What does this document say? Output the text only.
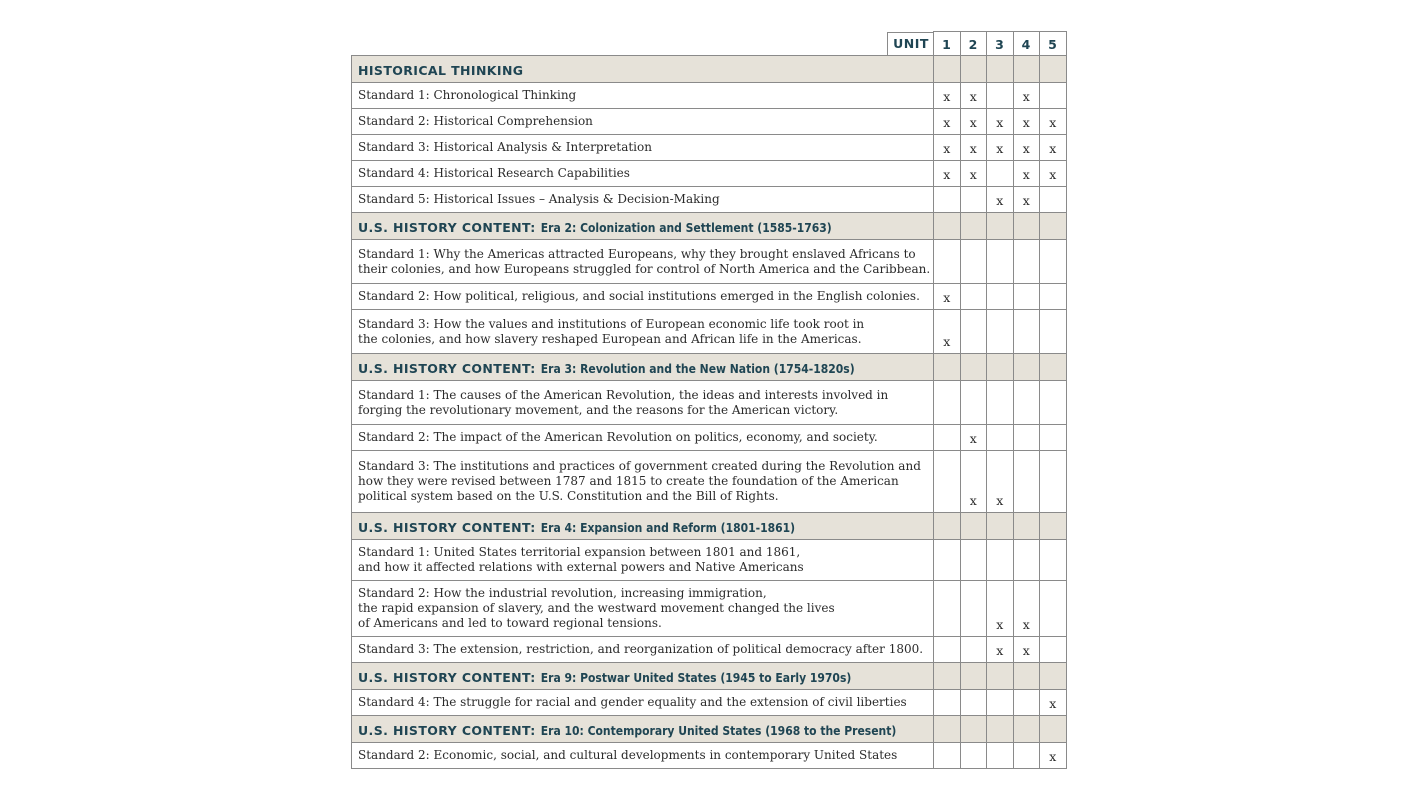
UNIT	1	2	3	4	5
HISTORICAL THINKING					

Standard 1: Chronological Thinking	x	x		x	

Standard 2: Historical Comprehension	x	x	x	x	x

Standard 3: Historical Analysis & Interpretation	x	x	x	x	x

Standard 4: Historical Research Capabilities	x	x		x	x

Standard 5: Historical Issues – Analysis & Decision-Making			x	x	
U.S. HISTORY CONTENT: Era 2: Colonization and Settlement (1585-1763)					

Standard 1: Why the Americas attracted Europeans, why they brought enslaved Africans to
their colonies, and how Europeans struggled for control of North America and the Caribbean.					

Standard 2: How political, religious, and social institutions emerged in the English colonies.	x				

Standard 3: How the values and institutions of European economic life took root in
the colonies, and how slavery reshaped European and African life in the Americas.	x				
U.S. HISTORY CONTENT: Era 3: Revolution and the New Nation (1754-1820s)					

Standard 1: The causes of the American Revolution, the ideas and interests involved in
forging the revolutionary movement, and the reasons for the American victory.					

Standard 2: The impact of the American Revolution on politics, economy, and society.		x			

Standard 3: The institutions and practices of government created during the Revolution and
how they were revised between 1787 and 1815 to create the foundation of the American
political system based on the U.S. Constitution and the Bill of Rights.		x	x		
U.S. HISTORY CONTENT: Era 4: Expansion and Reform (1801-1861)					

Standard 1: United States territorial expansion between 1801 and 1861,
and how it affected relations with external powers and Native Americans					

Standard 2: How the industrial revolution, increasing immigration,
the rapid expansion of slavery, and the westward movement changed the lives
of Americans and led to toward regional tensions.			x	x	

Standard 3: The extension, restriction, and reorganization of political democracy after 1800.			x	x	
U.S. HISTORY CONTENT: Era 9: Postwar United States (1945 to Early 1970s)					

Standard 4: The struggle for racial and gender equality and the extension of civil liberties					x
U.S. HISTORY CONTENT: Era 10: Contemporary United States (1968 to the Present)					

Standard 2: Economic, social, and cultural developments in contemporary United States					x
